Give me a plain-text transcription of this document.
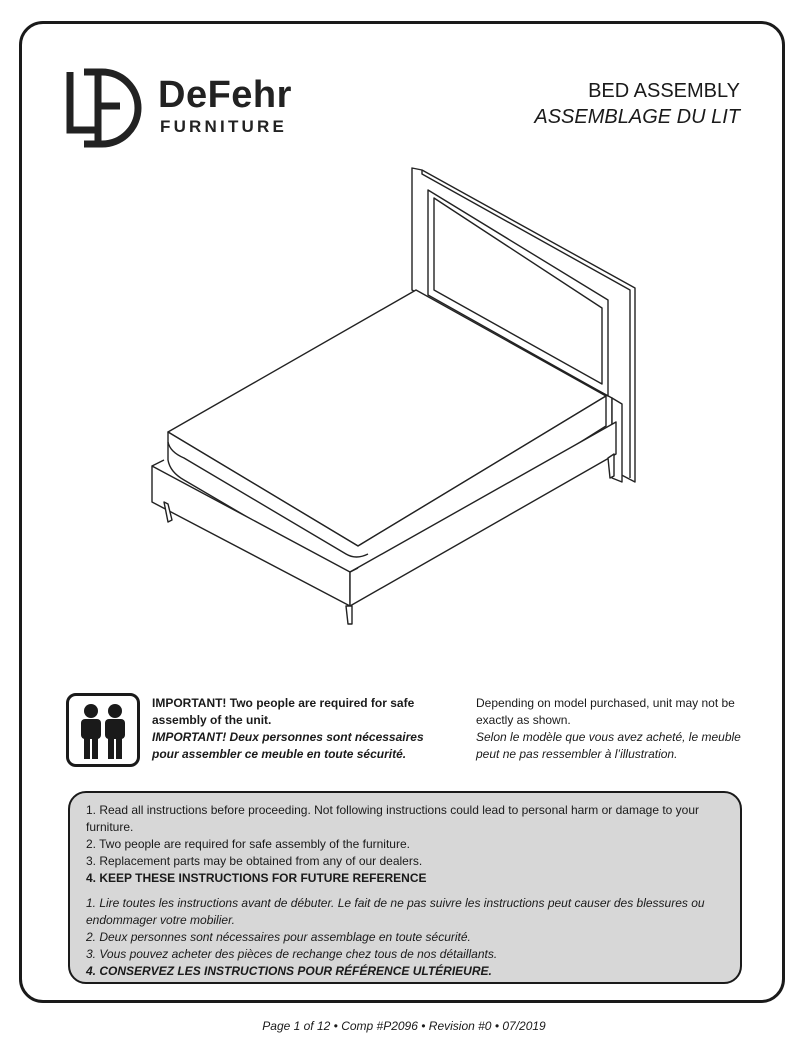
DeFehr
FURNITURE
BED ASSEMBLY
ASSEMBLAGE DU LIT
IMPORTANT! Two people are required for safe assembly of the unit.
IMPORTANT! Deux personnes sont nécessaires pour assembler ce meuble en toute sécurité.
Depending on model purchased, unit may not be exactly as shown.
Selon le modèle que vous avez acheté, le meuble peut ne pas ressembler à l’illustration.

1. Read all instructions before proceeding. Not following instructions could lead to personal harm or damage to your furniture.

2. Two people are required for safe assembly of the furniture.

3. Replacement parts may be obtained from any of our dealers.

4. KEEP THESE INSTRUCTIONS FOR FUTURE REFERENCE

1. Lire toutes les instructions avant de débuter. Le fait de ne pas suivre les instructions peut causer des blessures ou endommager votre mobilier.

2. Deux personnes sont nécessaires pour assemblage en toute sécurité.

3. Vous pouvez acheter des pièces de rechange chez tous de nos détaillants.

4. CONSERVEZ LES INSTRUCTIONS POUR RÉFÉRENCE ULTÉRIEURE.

Page 1 of 12 • Comp #P2096 • Revision #0 • 07/2019
